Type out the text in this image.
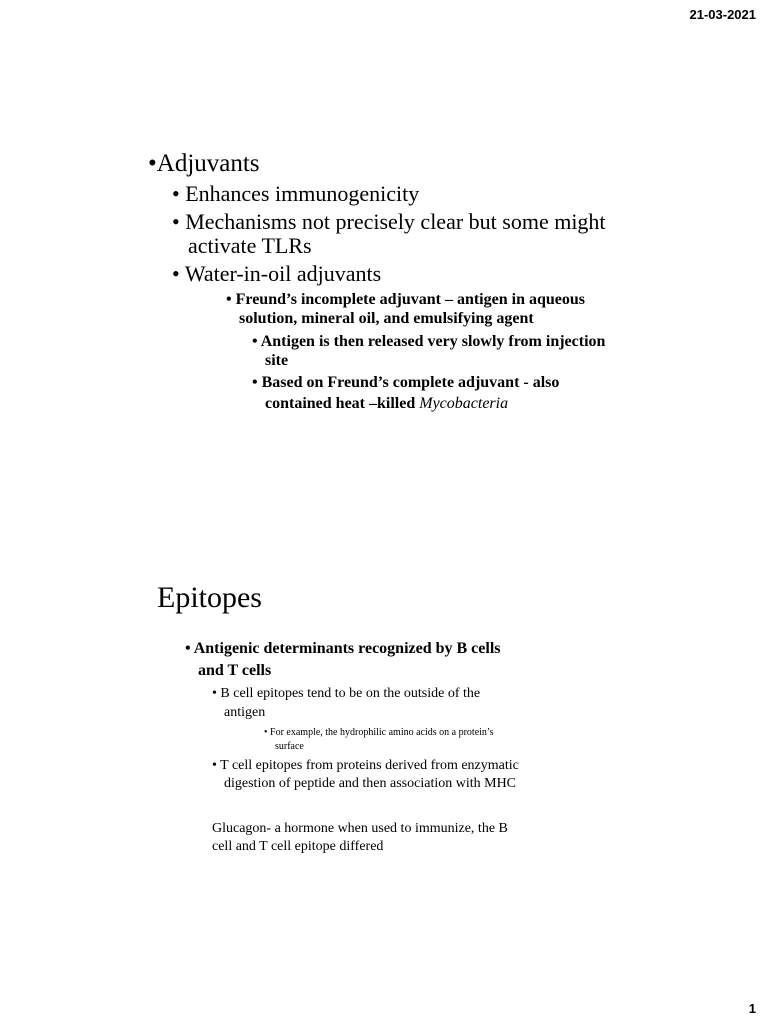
21-03-2021
1
•Adjuvants
• Enhances immunogenicity
• Mechanisms not precisely clear but some might
activate TLRs
• Water-in-oil adjuvants
• Freund’s incomplete adjuvant – antigen in aqueous
solution, mineral oil, and emulsifying agent
• Antigen is then released very slowly from injection
site
• Based on Freund’s complete adjuvant - also
contained heat –killed Mycobacteria
Epitopes
• Antigenic determinants recognized by B cells
and T cells
• B cell epitopes tend to be on the outside of the
antigen
• For example, the hydrophilic amino acids on a protein’s
surface
• T cell epitopes from proteins derived from enzymatic
digestion of peptide and then association with MHC
Glucagon- a hormone when used to immunize, the B
cell and T cell epitope differed
